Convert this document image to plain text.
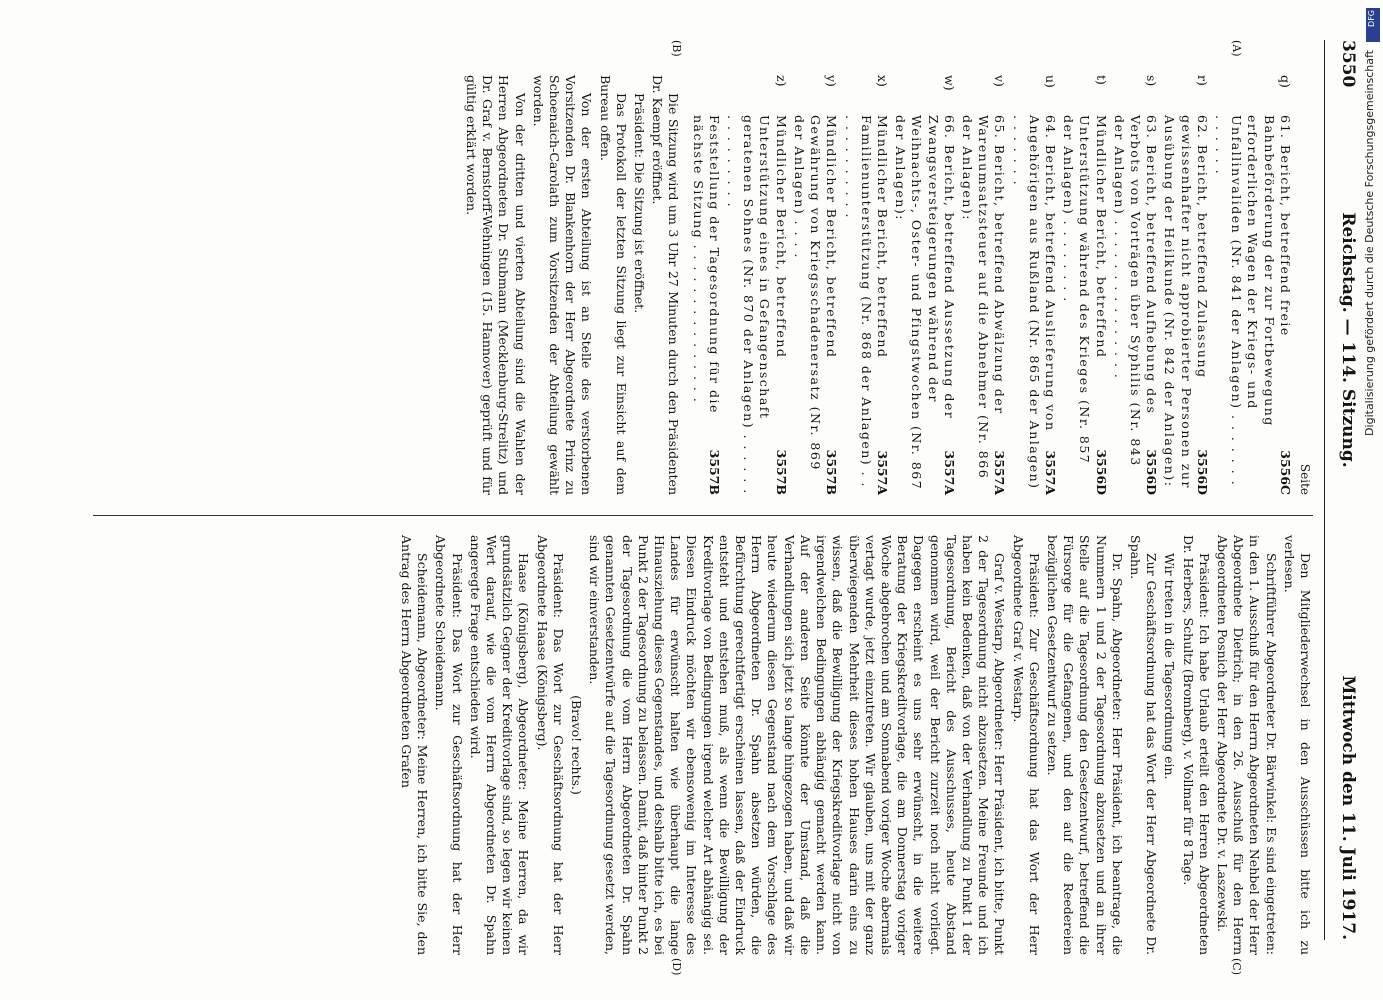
3550
Reichstag. — 114. Sitzung.
Mittwoch den 11. Juli 1917.
(A)
(B)
(C)
(D)
Seite
q)
3556C
61. Bericht, betreffend freie Bahnbeförderung der zur Fortbewegung erforderlichen Wagen der Kriegs- und Unfallinvaliden (Nr. 841 der Anlagen) . . . . . . . . . . . . .
r)
3556D
62. Bericht, betreffend Zulassung gewissenhafter nicht approbierter Personen zur Ausübung der Heilkunde (Nr. 842 der Anlagen):
s)
3556D
63. Bericht, betreffend Aufhebung des Verbots von Vorträgen über Syphilis (Nr. 843 der Anlagen) . . . . . . . . . . . . . . .
t)
3556D
Mündlicher Bericht, betreffend Unterstützung während des Krieges (Nr. 857 der Anlagen) . . . . . . . .
u)
3557A
64. Bericht, betreffend Auslieferung von Angehörigen aus Rußland (Nr. 865 der Anlagen) . . . . . . .
v)
3557A
65. Bericht, betreffend Abwälzung der Warenumsatzsteuer auf die Abnehmer (Nr. 866 der Anlagen):
w)
3557A
66. Bericht, betreffend Aussetzung der Zwangsversteigerungen während der Weihnachts-, Oster- und Pfingstwochen (Nr. 867 der Anlagen):
x)
3557A
Mündlicher Bericht, betreffend Familienunterstützung (Nr. 868 der Anlagen) . . . . . . . . . . . .
y)
3557B
Mündlicher Bericht, betreffend Gewährung von Kriegsschadenersatz (Nr. 869 der Anlagen) . . . .
z)
3557B
Mündlicher Bericht, betreffend Unterstützung eines in Gefangenschaft geratenen Sohnes (Nr. 870 der Anlagen) . . . . . . . . . . . . . . .
3557B
Feststellung der Tagesordnung für die nächste Sitzung . . . . . . . . . . . . . . .

Die Sitzung wird um 3 Uhr 27 Minuten durch den Präsidenten Dr. Kaempf eröffnet.

Präsident: Die Sitzung ist eröffnet.

Das Protokoll der letzten Sitzung liegt zur Einsicht auf dem Bureau offen.

Von der ersten Abteilung ist an Stelle des verstorbenen Vorsitzenden Dr. Blankenhorn der Herr Abgeordnete Prinz zu Schoenaich-Carolath zum Vorsitzenden der Abteilung gewählt worden.

Von der dritten und vierten Abteilung sind die Wahlen der Herren Abgeordneten Dr. Stubmann (Mecklenburg-Strelitz) und Dr. Graf v. Bernstorff-Wehningen (15. Hannover) geprüft und für gültig erklärt worden.

Den Mitgliederwechsel in den Ausschüssen bitte ich zu verlesen.

Schriftführer Abgeordneter Dr. Bärwinkel: Es sind eingetreten: in den 1. Ausschuß für den Herrn Abgeordneten Nehbel der Herr Abgeordnete Dietrich; in den 26. Ausschuß für den Herrn Abgeordneten Posnich der Herr Abgeordnete Dr. v. Laszewski.

Präsident: Ich habe Urlaub erteilt den Herren Abgeordneten Dr. Herbers, Schultz (Bromberg), v. Vollmar für 8 Tage.

Wir treten in die Tagesordnung ein.

Zur Geschäftsordnung hat das Wort der Herr Abgeordnete Dr. Spahn.

Dr. Spahn, Abgeordneter: Herr Präsident, ich beantrage, die Nummern 1 und 2 der Tagesordnung abzusetzen und an ihrer Stelle auf die Tagesordnung den Gesetzentwurf, betreffend die Fürsorge für die Gefangenen, und den auf die Reedereien bezüglichen Gesetzentwurf zu setzen.

Präsident: Zur Geschäftsordnung hat das Wort der Herr Abgeordnete Graf v. Westarp.

Graf v. Westarp, Abgeordneter: Herr Präsident, ich bitte, Punkt 2 der Tagesordnung nicht abzusetzen. Meine Freunde und ich haben kein Bedenken, daß von der Verhandlung zu Punkt 1 der Tagesordnung, Bericht des Ausschusses, heute Abstand genommen wird, weil der Bericht zurzeit noch nicht vorliegt. Dagegen erscheint es uns sehr erwünscht, in die weitere Beratung der Kriegskreditvorlage, die am Donnerstag voriger Woche abgebrochen und am Sonnabend voriger Woche abermals vertagt wurde, jetzt einzutreten. Wir glauben, uns mit der ganz überwiegenden Mehrheit dieses hohen Hauses darin eins zu wissen, daß die Bewilligung der Kriegskreditvorlage nicht von irgendwelchen Bedingungen abhängig gemacht werden kann. Auf der anderen Seite könnte der Umstand, daß die Verhandlungen sich jetzt so lange hingezogen haben, und daß wir heute wiederum diesen Gegenstand nach dem Vorschlage des Herrn Abgeordneten Dr. Spahn absetzen würden, die Befürchtung gerechtfertigt erscheinen lassen, daß der Eindruck entsteht und entstehen muß, als wenn die Bewilligung der Kreditvorlage von Bedingungen irgend welcher Art abhängig sei. Diesen Eindruck möchten wir ebensowenig im Interesse des Landes für erwünscht halten wie überhaupt die lange Hinausziehung dieses Gegenstandes, und deshalb bitte ich, es bei Punkt 2 der Tagesordnung zu belassen. Damit, daß hinter Punkt 2 der Tagesordnung die vom Herrn Abgeordneten Dr. Spahn genannten Gesetzentwürfe auf die Tagesordnung gesetzt werden, sind wir einverstanden.

(Bravo! rechts.)

Präsident: Das Wort zur Geschäftsordnung hat der Herr Abgeordnete Haase (Königsberg).

Haase (Königsberg), Abgeordneter: Meine Herren, da wir grundsätzlich Gegner der Kreditvorlage sind, so legen wir keinen Wert darauf, wie die vom Herrn Abgeordneten Dr. Spahn angeregte Frage entschieden wird.

Präsident: Das Wort zur Geschäftsordnung hat der Herr Abgeordnete Scheidemann.

Scheidemann, Abgeordneter: Meine Herren, ich bitte Sie, den Antrag des Herrn Abgeordneten Grafen

DFG
Digitalisierung gefördert durch die Deutsche Forschungsgemeinschaft
